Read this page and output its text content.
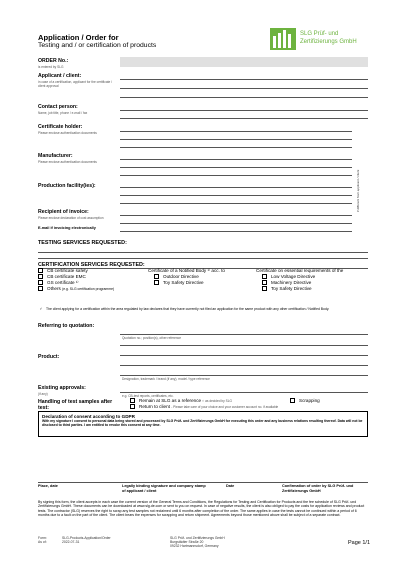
Application / Order for
Testing and / or certification of products
SLG Prüf- und
Zertifizierungs GmbH
ORDER No.:
is entered by SLG
Applicant / client:
in case of a certification, applicant for the certificate / client approval
Contact person:
Name, job title, phone / e-mail / fax
Certificate holder:
Please enclose authentication documents
Manufacturer:
Please enclose authentication documents
Production facility(ies):	if different from applicant / client
Recipient of invoice:
Please enclose declaration of cost assumption
E-mail if invoicing electronically
TESTING SERVICES REQUESTED:
CERTIFICATION SERVICES REQUESTED:
CB certificate safety
CB certificate EMC
GS certificate ¹⁾
Others (e.g. SLG certification programme)
Certificate of a Notified Body ¹⁾ acc. to
Outdoor Directive
Toy Safety Directive
Certificate on essential requirements of the
Low Voltage Directive
Machinery Directive
Toy Safety Directive
¹⁾ The client applying for a certification within the area regulated by law declares that they have currently not filed an application for the same product with any other certification / Notified Body.
Referring to quotation:
Quotation no.; position(s), other reference
Product:
Designation, trademark / brand (if any), model / type reference
Existing approvals:
(if any)	e.g. CB-test reports, certificates, etc.
Handling of test samples after test:
Remain at SLG as a reference ¹⁾ as decided by SLG
Return to client - Please take care of your choice and your customer account no. if available
Scrapping
Declaration of consent according to GDPR
With my signature I consent to personal data being stored and processed by SLG Prüf- und Zertifizierungs GmbH for executing this order and any business relations resulting thereof. Data will not be disclosed to third parties. I am entitled to revoke this consent at any time.
Place, date	Legally binding signature and company stamp of applicant / client
Date	Confirmation of order by SLG Prüf- und Zertifizierungs GmbH
By signing this form, the client accepts in each case the current version of the General Terms and Conditions, the Regulations for Testing and Certification for Products and the fee schedule of SLG Prüf- und Zertifizierungs GmbH. These documents can be downloaded at www.slg.de.com or sent to you on request. In case of negative results, the client is also obliged to pay the costs for application reviews and product tests. The contractor (SLG) reserves the right to scrap any test samples not reclaimed until 6 months after completion of the order. The same applies in case the tests cannot be continued within a period of 6 months due to a fault on the part of the client. The client bears the expenses for scrapping and return shipment. Agreements beyond those mentioned above shall be subject of a separate contract.
Form:
As of:
SLG-Products-Application/Order
2022-07-31
SLG Prüf- und Zertifizierungs GmbH
Burgstädter Straße 20
09232 Hartmannsdorf, Germany
Page 1/1
